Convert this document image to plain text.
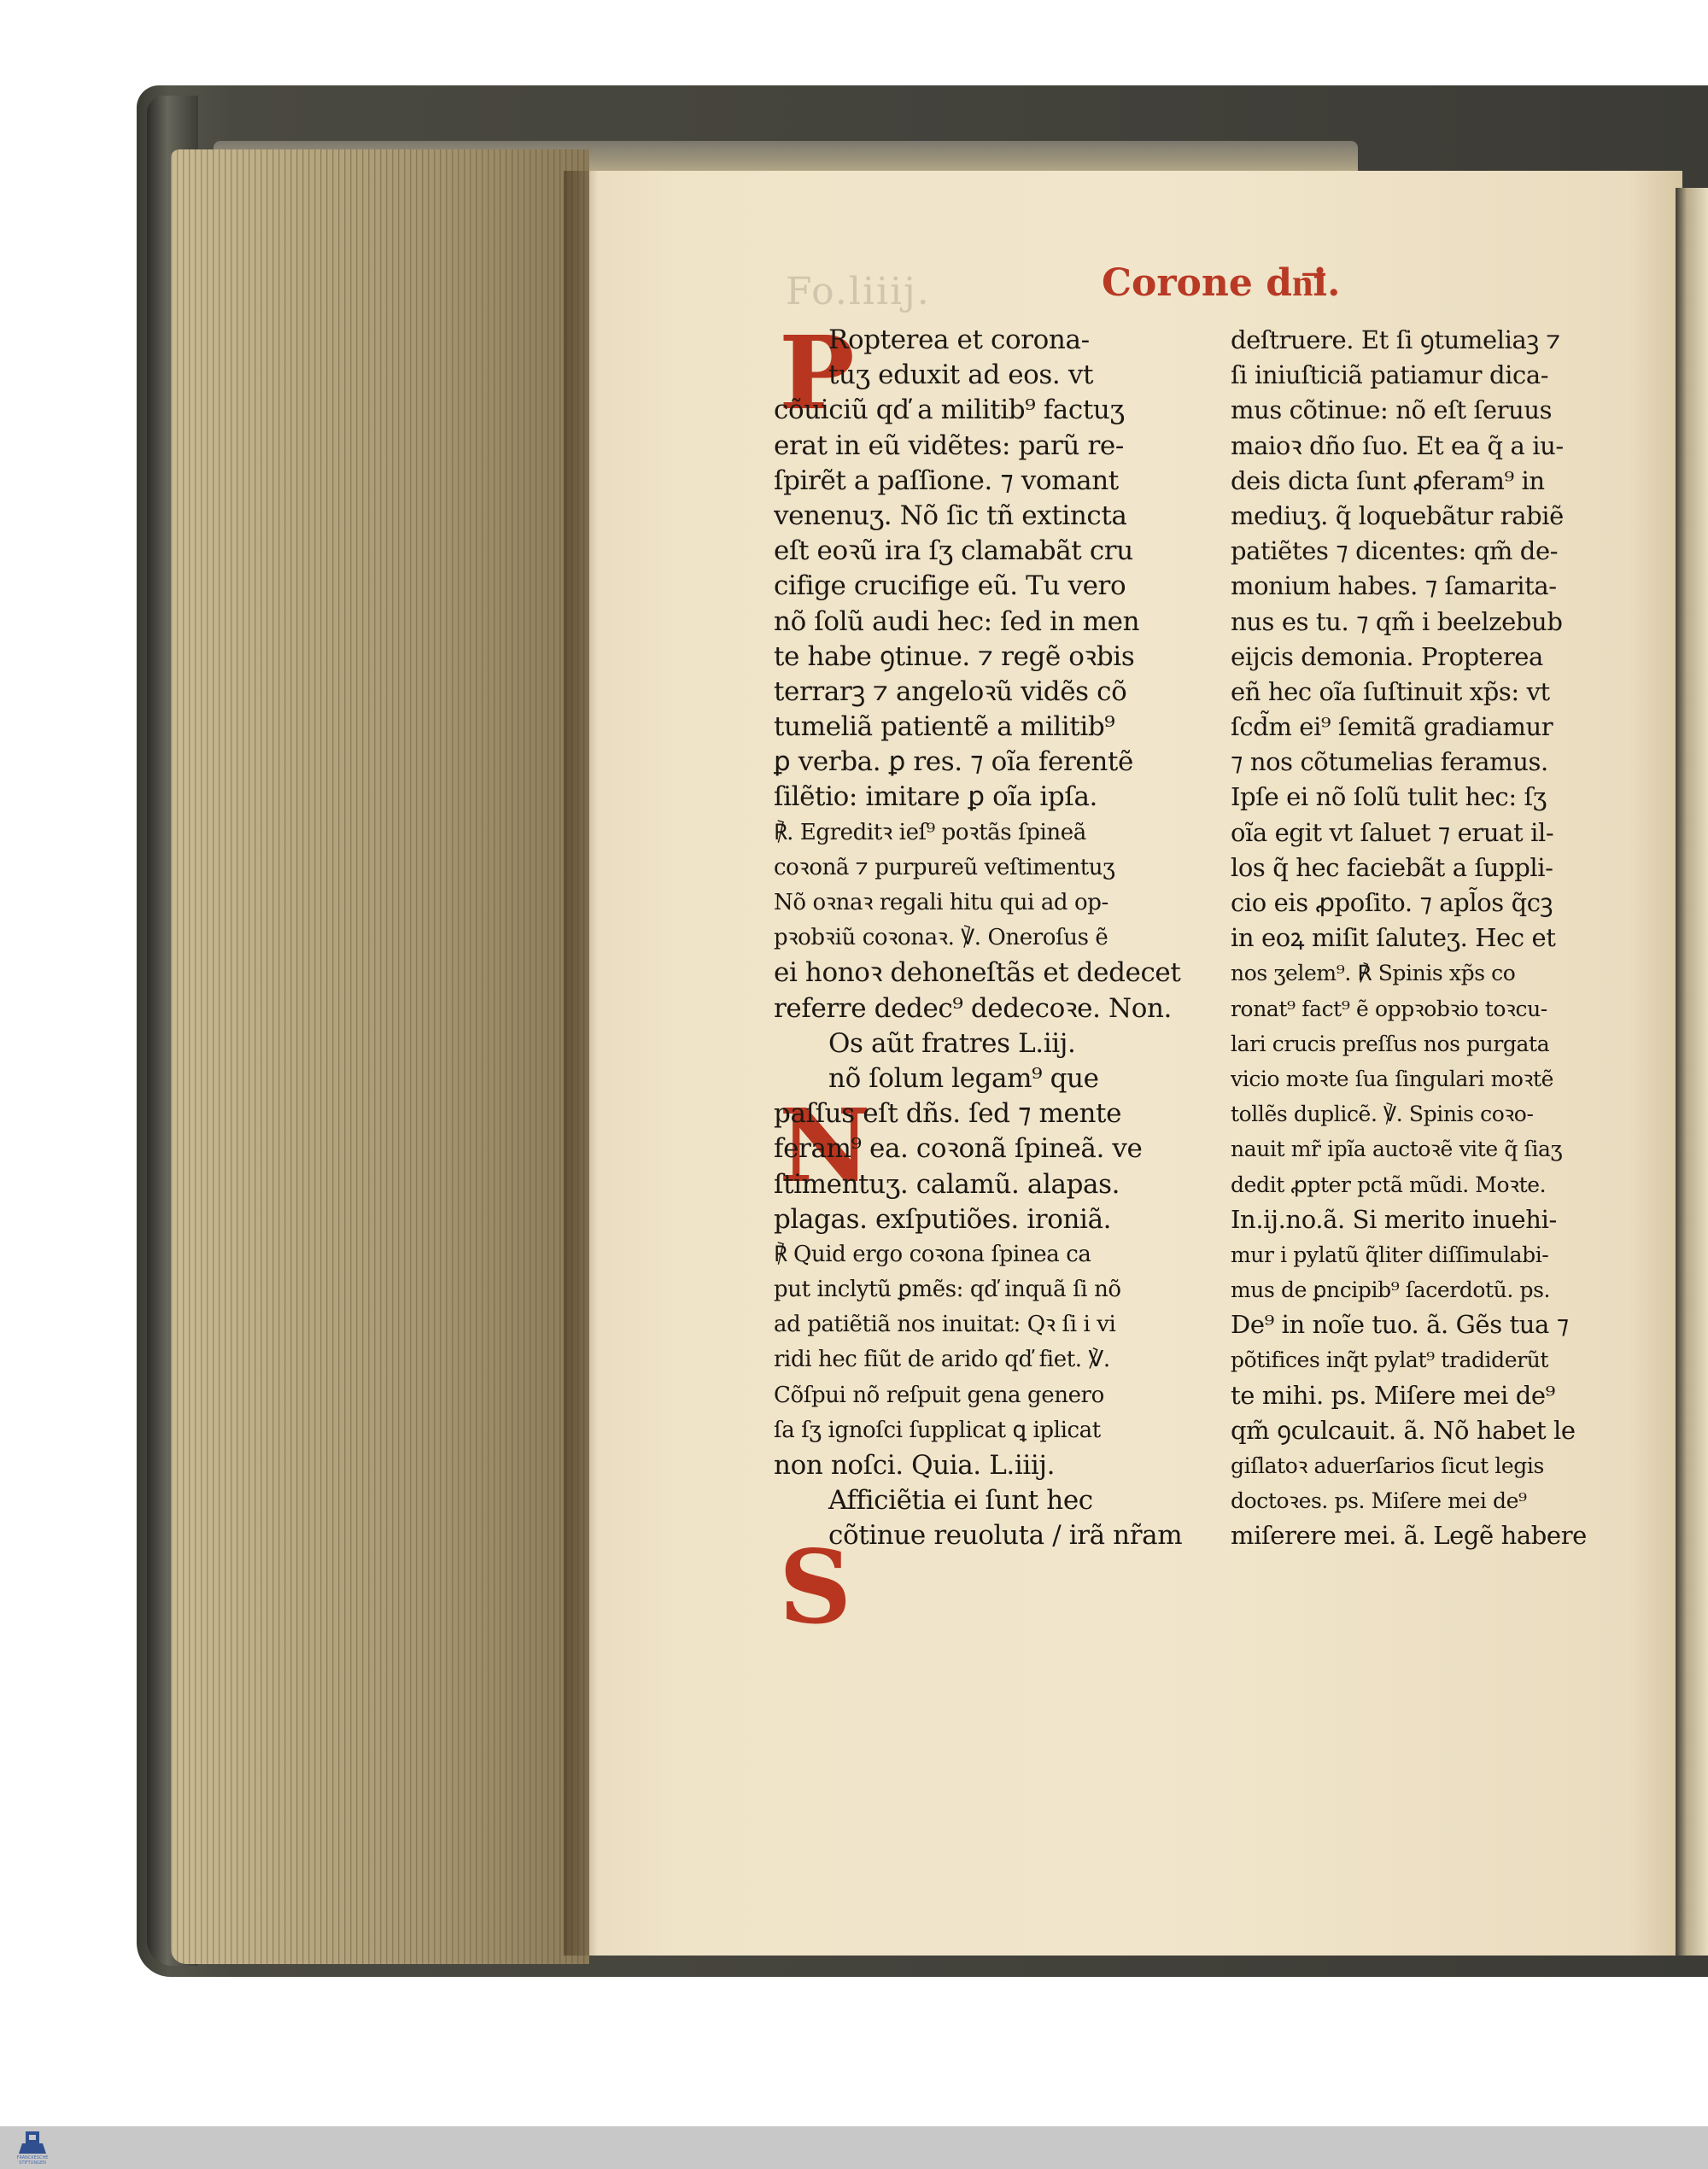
Fo.liiij.	Corone dn͞i.
P
N
S
Ropterea et corona-
tuʒ eduxit ad eos. vt
cõuiciũ qď a militib⁹ factuʒ
erat in eũ vidẽtes: parũ re-
ſpirẽt a paſſione. ⁊ vomant
venenuʒ. Nõ ſic tñ extincta
eſt eoꝛũ ira ſʒ clamabãt cru
cifige crucifige eũ. Tu vero
nõ ſolũ audi hec: ſed in men
te habe ꝯtinue. ⁊ regẽ oꝛbis
terrarꝫ ⁊ angeloꝛũ vidẽs cõ
tumeliã patientẽ a militib⁹
ꝑ verba. ꝑ res. ⁊ oĩa ferentẽ
ſilẽtio: imitare ꝑ oĩa ipſa.
℟. Egreditꝛ ieſ⁹ poꝛtãs ſpineã
coꝛonã ⁊ purpureũ veſtimentuʒ
Nõ oꝛnaꝛ regali hitu qui ad op-
pꝛobꝛiũ coꝛonaꝛ. ℣. Oneroſus ẽ
ei honoꝛ dehoneſtãs et dedecet
referre dedec⁹ dedecoꝛe. Non.
Os aũt fratres L.iij.
nõ ſolum legam⁹ que
paſſus eſt dñs. ſed ⁊ mente
feram⁹ ea. coꝛonã ſpineã. ve
ſtimentuʒ. calamũ. alapas.
plagas. exſputiões. ironiã.
℟ Quid ergo coꝛona ſpinea ca
put inclytũ ꝑmẽs: qď inquã ſi nõ
ad patiẽtiã nos inuitat: Qꝛ ſi i vi
ridi hec fiũt de arido qď fiet. ℣.
Cõſpui nõ reſpuit gena genero
ſa ſʒ ignoſci ſupplicat ꝗ iplicat
non noſci. Quia. L.iiij.
Afficiẽtia ei ſunt hec
cõtinue reuoluta / irã nr̃am
deſtruere. Et ſi ꝯtumeliaꝫ ⁊
ſi iniuſticiã patiamur dica-
mus cõtinue: nõ eſt ſeruus
maioꝛ dño ſuo. Et ea q̃ a iu-
deis dicta ſunt ꝓferam⁹ in
mediuʒ. q̃ loquebãtur rabiẽ
patiẽtes ⁊ dicentes: qm̃ de-
monium habes. ⁊ ſamarita-
nus es tu. ⁊ qm̃ i beelzebub
eijcis demonia. Propterea
eñ hec oĩa ſuſtinuit xp̃s: vt
ſcd̃m ei⁹ ſemitã gradiamur
⁊ nos cõtumelias feramus.
Ipſe ei nõ ſolũ tulit hec: ſʒ
oĩa egit vt ſaluet ⁊ eruat il-
los q̃ hec faciebãt a ſuppli-
cio eis ꝓpoſito. ⁊ apl̃os q̃cꝫ
in eoꝝ miſit ſaluteʒ. Hec et
nos ʒelem⁹. ℟ Spinis xp̃s co
ronat⁹ fact⁹ ẽ oppꝛobꝛio toꝛcu-
lari crucis preſſus nos purgata
vicio moꝛte ſua ſingulari moꝛtẽ
tollẽs duplicẽ. ℣. Spinis coꝛo-
nauit mr̃ ipĩa auctoꝛẽ vite q̃ ſiaʒ
dedit ꝓpter pctã mũdi. Moꝛte.
In.ij.no.ã. Si merito inuehi-
mur i pylatũ q̃liter diſſimulabi-
mus de ꝑncipib⁹ ſacerdotũ. ps.
De⁹ in noĩe tuo. ã. Gẽs tua ⁊
põtifices inq̃t pylat⁹ tradiderũt
te mihi. ps. Miſere mei de⁹
qm̃ ꝯculcauit. ã. Nõ habet le
giſlatoꝛ aduerſarios ſicut legis
doctoꝛes. ps. Miſere mei de⁹
miſerere mei. ã. Legẽ habere
FRANCKESCHE
STIFTUNGEN
